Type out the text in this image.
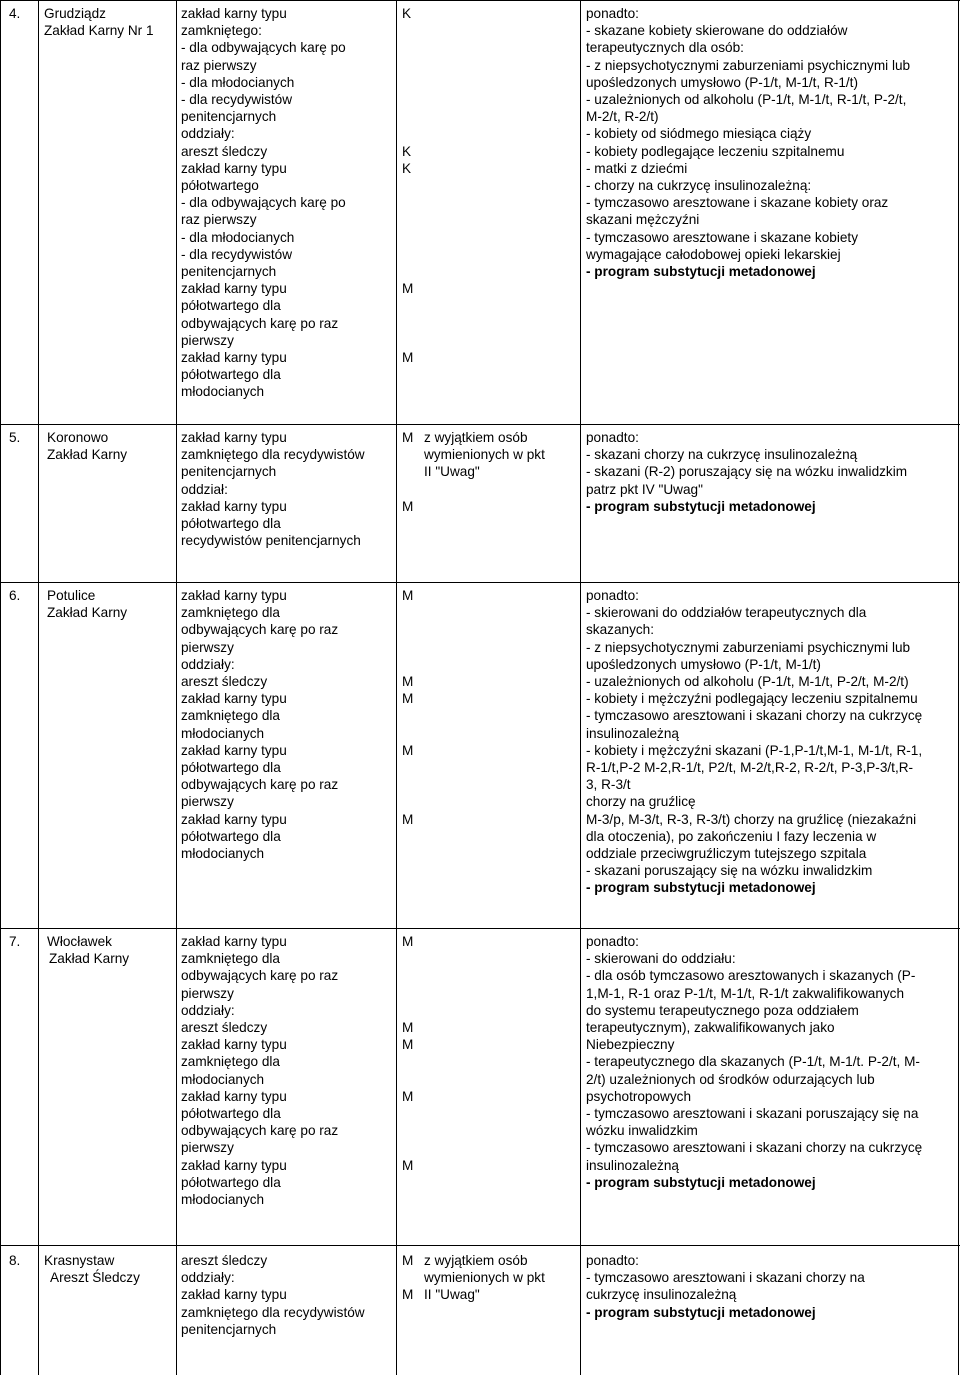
4. Grudziądz
Zakład Karny Nr 1
zakład karny typu
zamkniętego:
- dla odbywających karę po
raz pierwszy
- dla młodocianych
- dla recydywistów
penitencjarnych
oddziały:
areszt śledczy
zakład karny typu
półotwartego
- dla odbywających karę po
raz pierwszy
- dla młodocianych
- dla recydywistów
penitencjarnych
zakład karny typu
półotwartego dla
odbywających karę po raz
pierwszy
zakład karny typu
półotwartego dla
młodocianych
K
K
K
M
M
ponadto:
- skazane kobiety skierowane do oddziałów
terapeutycznych dla osób:
- z niepsychotycznymi zaburzeniami psychicznymi lub
upośledzonych umysłowo (P-1/t, M-1/t, R-1/t)
- uzależnionych od alkoholu (P-1/t, M-1/t, R-1/t, P-2/t,
M-2/t, R-2/t)
- kobiety od siódmego miesiąca ciąży
- kobiety podlegające leczeniu szpitalnemu
- matki z dziećmi
- chorzy na cukrzycę insulinozależną:
- tymczasowo aresztowane i skazane kobiety oraz
skazani mężczyźni
- tymczasowo aresztowane i skazane kobiety
wymagające całodobowej opieki lekarskiej
- program substytucji metadonowej
5. Koronowo
Zakład Karny
zakład karny typu
zamkniętego dla recydywistów
penitencjarnych
oddział:
zakład karny typu
półotwartego dla
recydywistów penitencjarnych
M
M
z wyjątkiem osób
wymienionych w pkt
II "Uwag"
ponadto:
- skazani chorzy na cukrzycę insulinozależną
- skazani (R-2) poruszający się na wózku inwalidzkim
patrz pkt IV "Uwag"
- program substytucji metadonowej
6. Potulice
Zakład Karny
zakład karny typu
zamkniętego dla
odbywających karę po raz
pierwszy
oddziały:
areszt śledczy
zakład karny typu
zamkniętego dla
młodocianych
zakład karny typu
półotwartego dla
odbywających karę po raz
pierwszy
zakład karny typu
półotwartego dla
młodocianych
M
M
M
M
M
ponadto:
- skierowani do oddziałów terapeutycznych dla
skazanych:
- z niepsychotycznymi zaburzeniami psychicznymi lub
upośledzonych umysłowo (P-1/t, M-1/t)
- uzależnionych od alkoholu (P-1/t, M-1/t, P-2/t, M-2/t)
- kobiety i mężczyźni podlegający leczeniu szpitalnemu
- tymczasowo aresztowani i skazani chorzy na cukrzycę
insulinozależną
- kobiety i mężczyźni skazani (P-1,P-1/t,M-1, M-1/t, R-1,
R-1/t,P-2 M-2,R-1/t, P2/t, M-2/t,R-2, R-2/t, P-3,P-3/t,R-
3, R-3/t
chorzy na gruźlicę
M-3/p, M-3/t, R-3, R-3/t) chorzy na gruźlicę (niezakaźni
dla otoczenia), po zakończeniu I fazy leczenia w
oddziale przeciwgruźliczym tutejszego szpitala
- skazani poruszający się na wózku inwalidzkim
- program substytucji metadonowej
7. Włocławek
Zakład Karny
zakład karny typu
zamkniętego dla
odbywających karę po raz
pierwszy
oddziały:
areszt śledczy
zakład karny typu
zamkniętego dla
młodocianych
zakład karny typu
półotwartego dla
odbywających karę po raz
pierwszy
zakład karny typu
półotwartego dla
młodocianych
M
M
M
M
M
ponadto:
- skierowani do oddziału:
- dla osób tymczasowo aresztowanych i skazanych (P-
1,M-1, R-1 oraz P-1/t, M-1/t, R-1/t zakwalifikowanych
do systemu terapeutycznego poza oddziałem
terapeutycznym), zakwalifikowanych jako
Niebezpieczny
- terapeutycznego dla skazanych (P-1/t, M-1/t. P-2/t, M-
2/t) uzależnionych od środków odurzających lub
psychotropowych
- tymczasowo aresztowani i skazani poruszający się na
wózku inwalidzkim
- tymczasowo aresztowani i skazani chorzy na cukrzycę
insulinozależną
- program substytucji metadonowej
8. Krasnystaw
Areszt Śledczy
areszt śledczy
oddziały:
zakład karny typu
zamkniętego dla recydywistów
penitencjarnych
M
M
z wyjątkiem osób
wymienionych w pkt
II "Uwag"
ponadto:
- tymczasowo aresztowani i skazani chorzy na
cukrzycę insulinozależną
- program substytucji metadonowej
